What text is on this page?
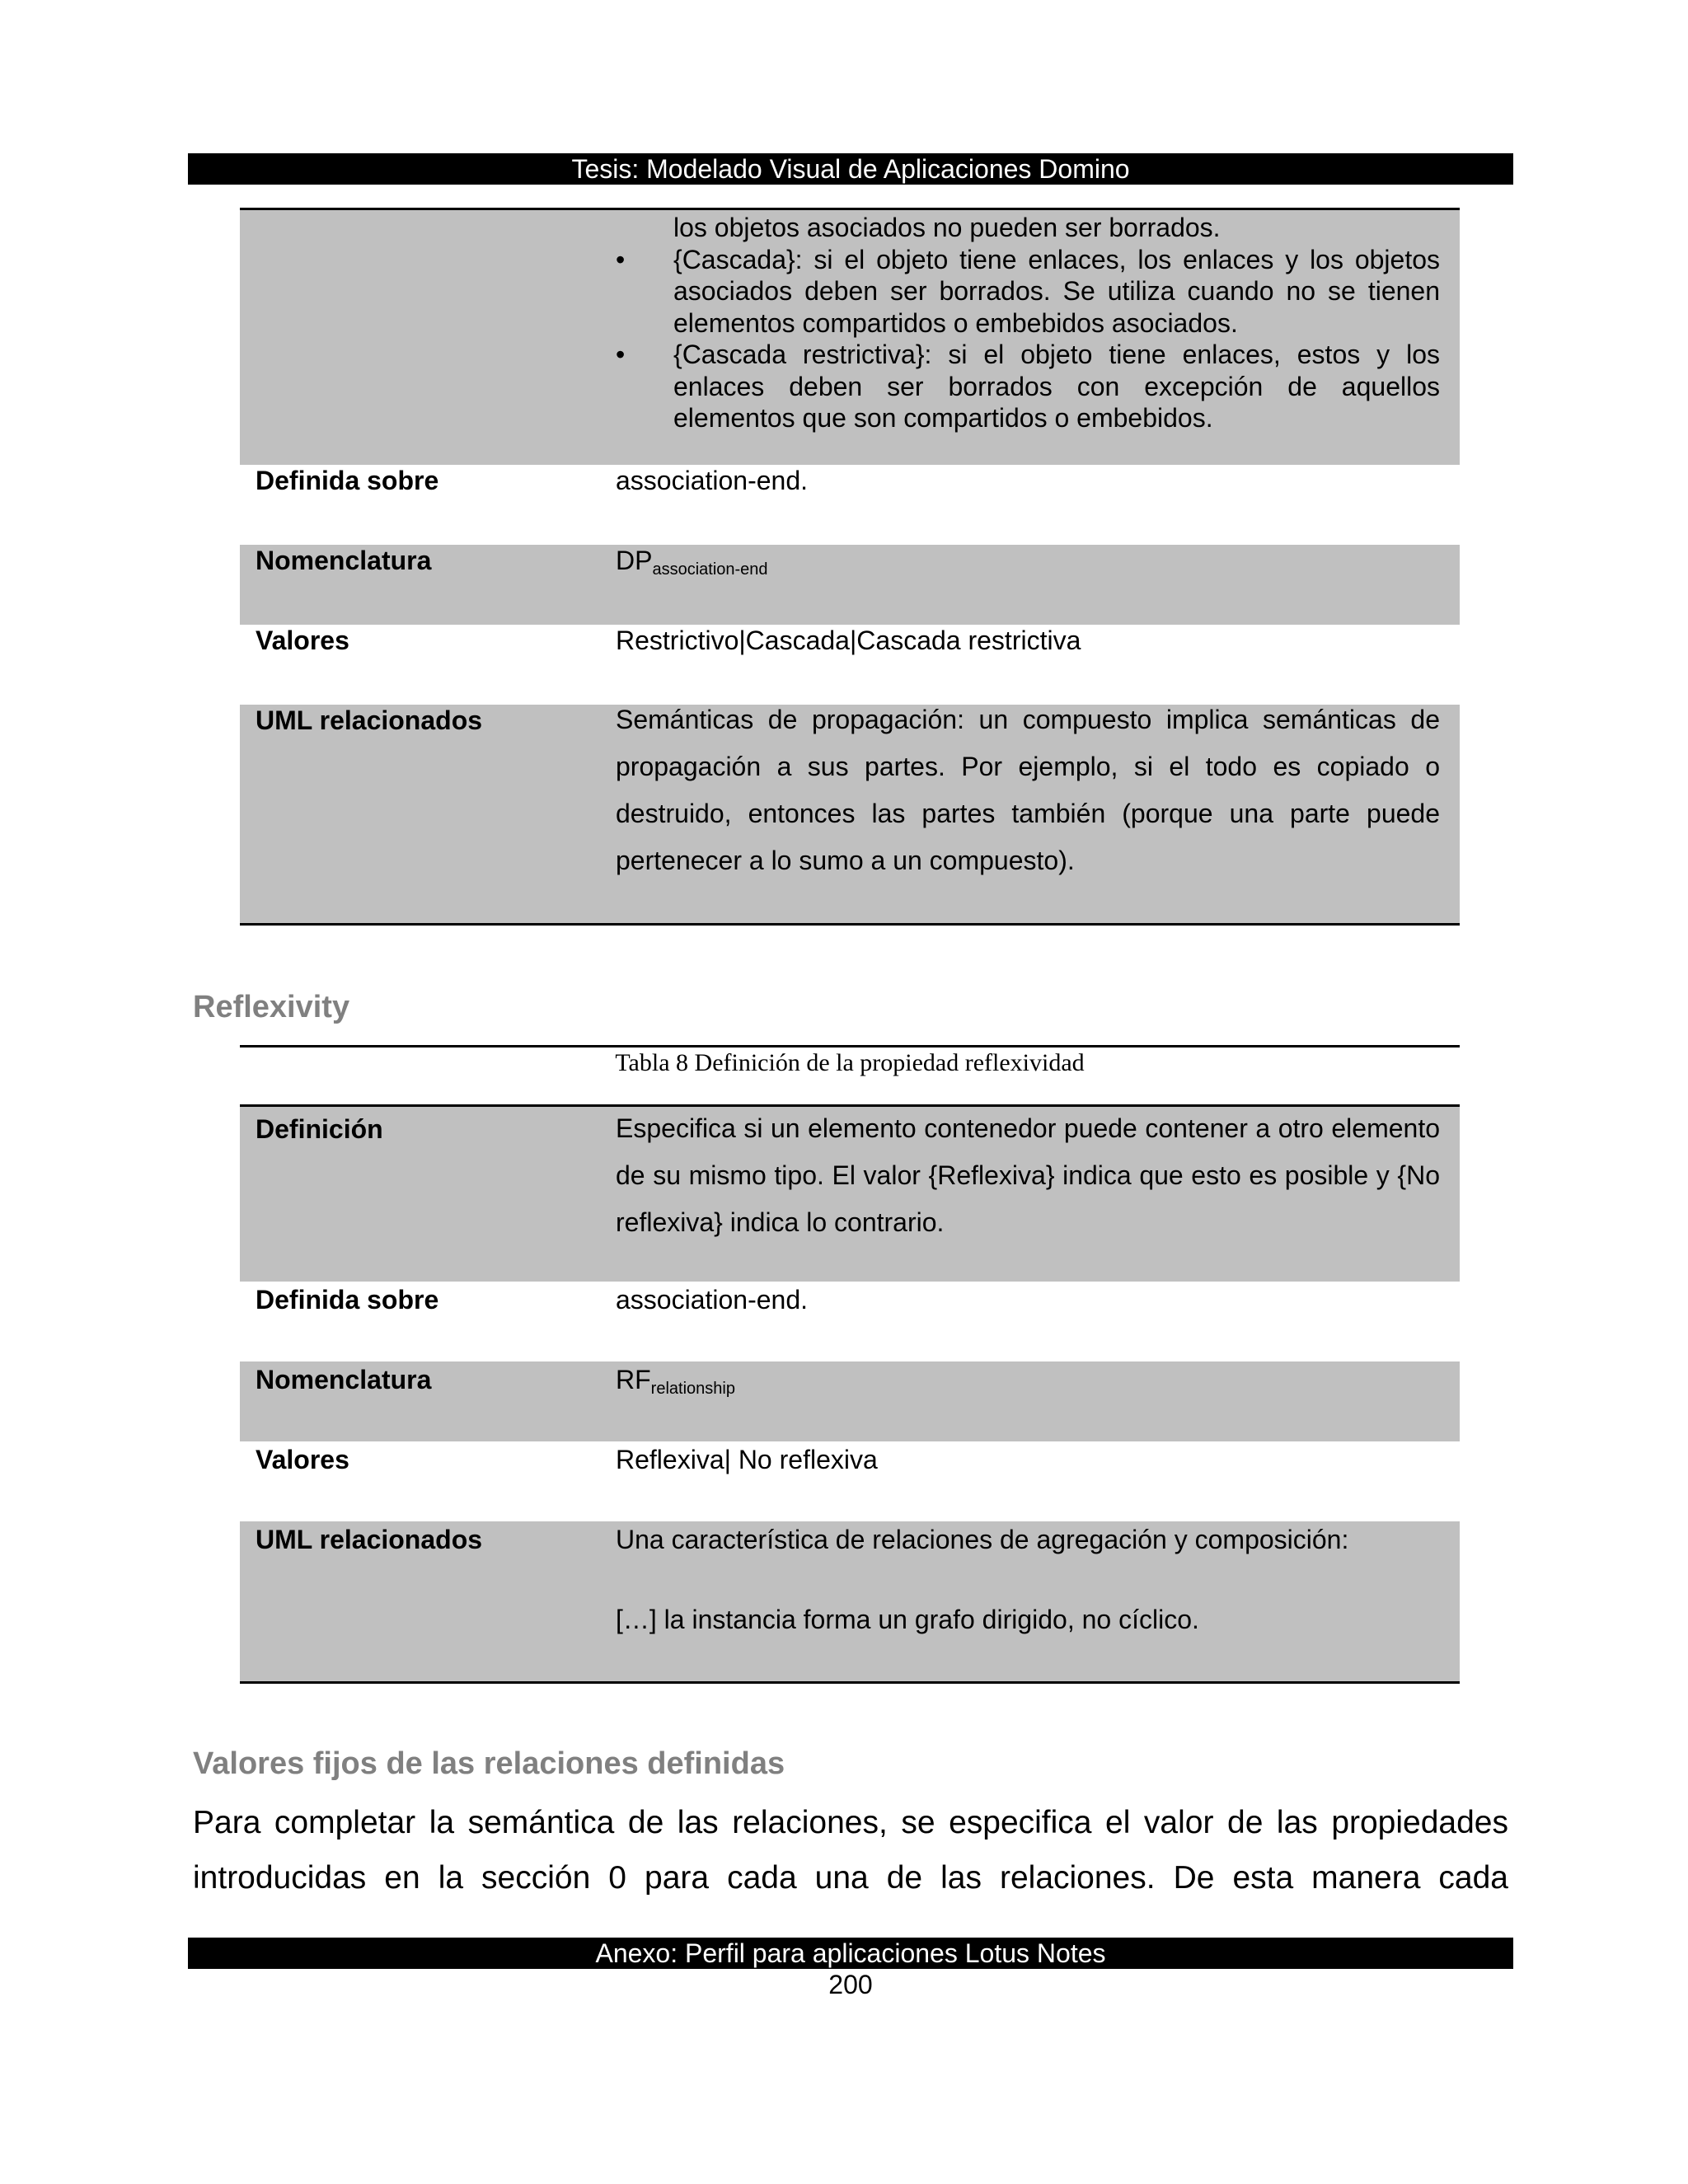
Tesis: Modelado Visual de Aplicaciones Domino
los objetos asociados no pueden ser borrados.
•	{Cascada}: si el objeto tiene enlaces, los enlaces y los objetos asociados deben ser borrados. Se utiliza cuando no se tienen elementos compartidos o embebidos asociados.
•	{Cascada restrictiva}: si el objeto tiene enlaces, estos y los enlaces deben ser borrados con excepción de aquellos elementos que son compartidos o embebidos.
Definida sobre	association-end.
Nomenclatura	$DP_{association-end}$
Valores	Restrictivo|Cascada|Cascada restrictiva
UML relacionados	Semánticas de propagación: un compuesto implica semánticas de propagación a sus partes. Por ejemplo, si el todo es copiado o destruido, entonces las partes también (porque una parte puede pertenecer a lo sumo a un compuesto).
Reflexivity
Tabla 8 Definición de la propiedad reflexividad
Definición	Especifica si un elemento contenedor puede contener a otro elemento de su mismo tipo. El valor {Reflexiva} indica que esto es posible y {No reflexiva} indica lo contrario.
Definida sobre	association-end.
Nomenclatura	$RF_{relationship}$
Valores	Reflexiva| No reflexiva
UML relacionados	Una característica de relaciones de agregación y composición:
[…] la instancia forma un grafo dirigido, no cíclico.
Valores fijos de las relaciones definidas
Para completar la semántica de las relaciones, se especifica el valor de las propiedades
introducidas en la sección 0 para cada una de las relaciones. De esta manera cada
Anexo: Perfil para aplicaciones Lotus Notes
200
